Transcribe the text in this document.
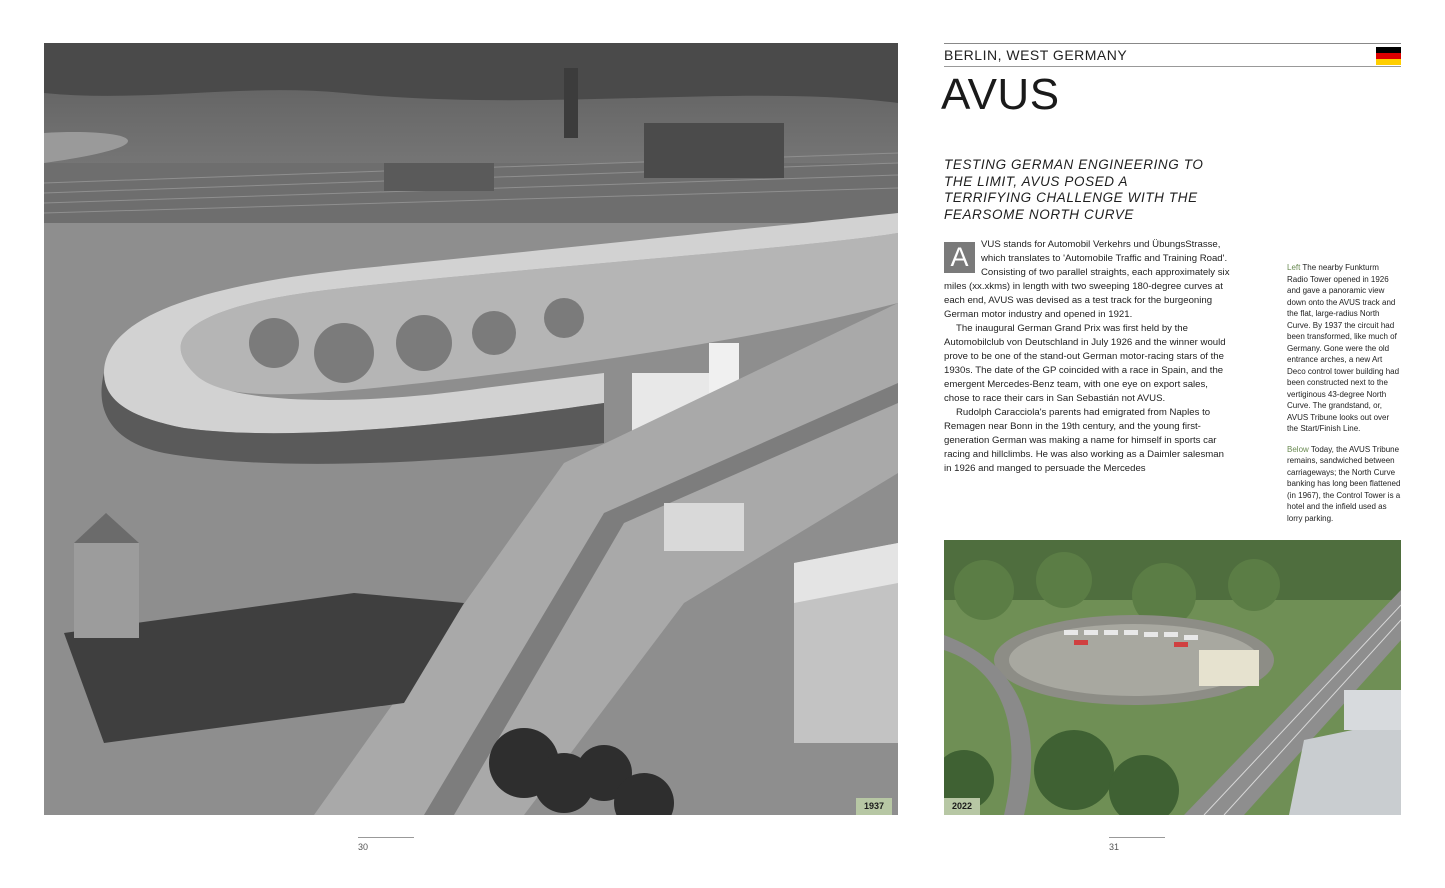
1937
30
BERLIN, WEST GERMANY
AVUS
TESTING GERMAN ENGINEERING TO THE LIMIT, AVUS POSED A TERRIFYING CHALLENGE WITH THE FEARSOME NORTH CURVE

A	VUS stands for Automobil Verkehrs und ÜbungsStrasse, which translates to 'Automobile Traffic and Training Road'. Consisting of two parallel straights, each approximately six miles (xx.xkms) in length with two sweeping 180-degree curves at each end, AVUS was devised as a test track for the burgeoning German motor industry and opened in 1921.

The inaugural German Grand Prix was first held by the Automobilclub von Deutschland in July 1926 and the winner would prove to be one of the stand-out German motor-racing stars of the 1930s. The date of the GP coincided with a race in Spain, and the emergent Mercedes-Benz team, with one eye on export sales, chose to race their cars in San Sebastián not AVUS.

Rudolph Caracciola's parents had emigrated from Naples to Remagen near Bonn in the 19th century, and the young first-generation German was making a name for himself in sports car racing and hillclimbs. He was also working as a Daimler salesman in 1926 and manged to persuade the Mercedes

Left The nearby Funkturm Radio Tower opened in 1926 and gave a panoramic view down onto the AVUS track and the flat, large-radius North Curve. By 1937 the circuit had been transformed, like much of Germany. Gone were the old entrance arches, a new Art Deco control tower building had been constructed next to the vertiginous 43-degree North Curve. The grandstand, or, AVUS Tribune looks out over the Start/Finish Line.

Below Today, the AVUS Tribune remains, sandwiched between carriageways; the North Curve banking has long been flattened (in 1967), the Control Tower is a hotel and the infield used as lorry parking.

2022
31
